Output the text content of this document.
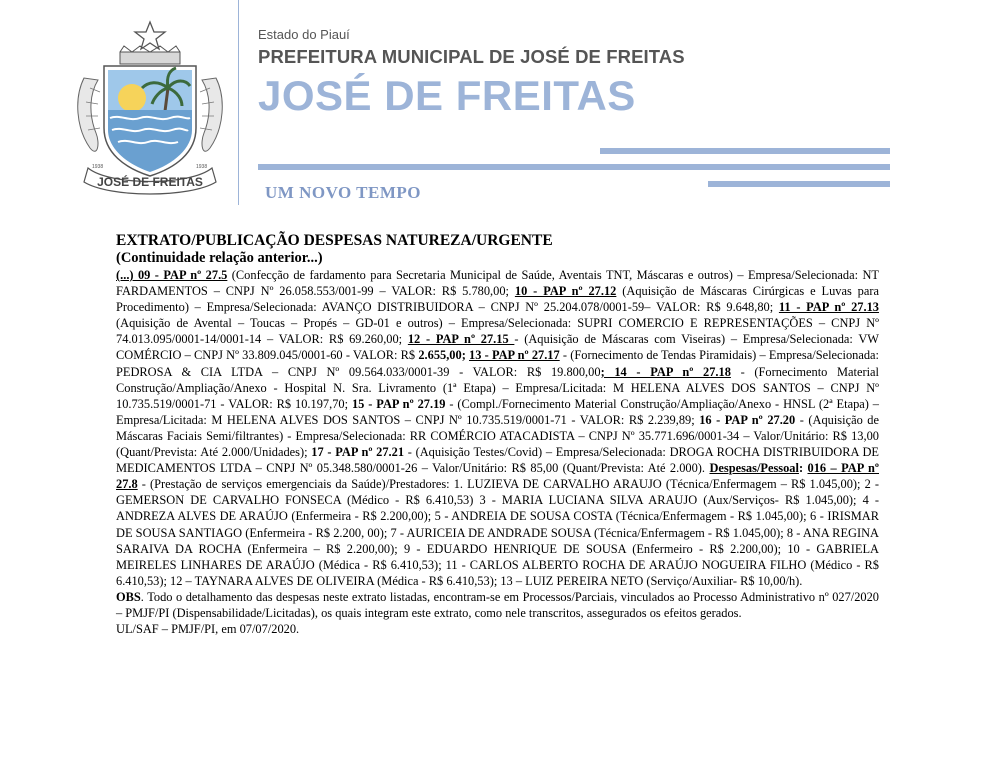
JOSÉ DE FREITAS
1938	1938
Estado do Piauí
PREFEITURA MUNICIPAL DE JOSÉ DE FREITAS
JOSÉ DE FREITAS
UM NOVO TEMPO
EXTRATO/PUBLICAÇÃO DESPESAS NATUREZA/URGENTE
(Continuidade relação anterior...)

(...) 09 - PAP nº 27.5 (Confecção de fardamento para Secretaria Municipal de Saúde, Aventais TNT, Máscaras e outros) – Empresa/Selecionada: NT FARDAMENTOS – CNPJ Nº 26.058.553/001-99 – VALOR: R$ 5.780,00; 10 - PAP nº 27.12 (Aquisição de Máscaras Cirúrgicas e Luvas para Procedimento) – Empresa/Selecionada: AVANÇO DISTRIBUIDORA – CNPJ Nº 25.204.078/0001-59– VALOR: R$ 9.648,80; 11 - PAP nº 27.13 (Aquisição de Avental – Toucas – Propés – GD-01 e outros) – Empresa/Selecionada: SUPRI COMERCIO E REPRESENTAÇÕES – CNPJ Nº 74.013.095/0001-14/0001-14 – VALOR: R$ 69.260,00; 12 - PAP nº 27.15 - (Aquisição de Máscaras com Viseiras) – Empresa/Selecionada: VW COMÉRCIO – CNPJ Nº 33.809.045/0001-60 - VALOR: R$ 2.655,00; 13 - PAP nº 27.17 - (Fornecimento de Tendas Piramidais) – Empresa/Selecionada: PEDROSA & CIA LTDA – CNPJ Nº 09.564.033/0001-39 - VALOR: R$ 19.800,00; 14 - PAP nº 27.18 - (Fornecimento Material Construção/Ampliação/Anexo - Hospital N. Sra. Livramento (1ª Etapa) – Empresa/Licitada: M HELENA ALVES DOS SANTOS – CNPJ Nº 10.735.519/0001-71 - VALOR: R$ 10.197,70; 15 - PAP nº 27.19 - (Compl./Fornecimento Material Construção/Ampliação/Anexo - HNSL (2ª Etapa) – Empresa/Licitada: M HELENA ALVES DOS SANTOS – CNPJ Nº 10.735.519/0001-71 - VALOR: R$ 2.239,89; 16 - PAP nº 27.20 - (Aquisição de Máscaras Faciais Semi/filtrantes) - Empresa/Selecionada: RR COMÉRCIO ATACADISTA – CNPJ Nº 35.771.696/0001-34 – Valor/Unitário: R$ 13,00 (Quant/Prevista: Até 2.000/Unidades); 17 - PAP nº 27.21 - (Aquisição Testes/Covid) – Empresa/Selecionada: DROGA ROCHA DISTRIBUIDORA DE MEDICAMENTOS LTDA – CNPJ Nº 05.348.580/0001-26 – Valor/Unitário: R$ 85,00 (Quant/Prevista: Até 2.000). Despesas/Pessoal: 016 – PAP nº 27.8 - (Prestação de serviços emergenciais da Saúde)/Prestadores: 1. LUZIEVA DE CARVALHO ARAUJO (Técnica/Enfermagem – R$ 1.045,00); 2 - GEMERSON DE CARVALHO FONSECA (Médico - R$ 6.410,53) 3 - MARIA LUCIANA SILVA ARAUJO (Aux/Serviços- R$ 1.045,00); 4 - ANDREZA ALVES DE ARAÚJO (Enfermeira - R$ 2.200,00); 5 - ANDREIA DE SOUSA COSTA (Técnica/Enfermagem - R$ 1.045,00); 6 - IRISMAR DE SOUSA SANTIAGO (Enfermeira - R$ 2.200, 00); 7 - AURICEIA DE ANDRADE SOUSA (Técnica/Enfermagem - R$ 1.045,00); 8 - ANA REGINA SARAIVA DA ROCHA (Enfermeira – R$ 2.200,00); 9 - EDUARDO HENRIQUE DE SOUSA (Enfermeiro - R$ 2.200,00); 10 - GABRIELA MEIRELES LINHARES DE ARAÚJO (Médica - R$ 6.410,53); 11 - CARLOS ALBERTO ROCHA DE ARAÚJO NOGUEIRA FILHO (Médico - R$ 6.410,53); 12 – TAYNARA ALVES DE OLIVEIRA (Médica - R$ 6.410,53); 13 – LUIZ PEREIRA NETO (Serviço/Auxiliar- R$ 10,00/h).

OBS. Todo o detalhamento das despesas neste extrato listadas, encontram-se em Processos/Parciais, vinculados ao Processo Administrativo nº 027/2020 – PMJF/PI (Dispensabilidade/Licitadas), os quais integram este extrato, como nele transcritos, assegurados os efeitos gerados.

UL/SAF – PMJF/PI, em 07/07/2020.
